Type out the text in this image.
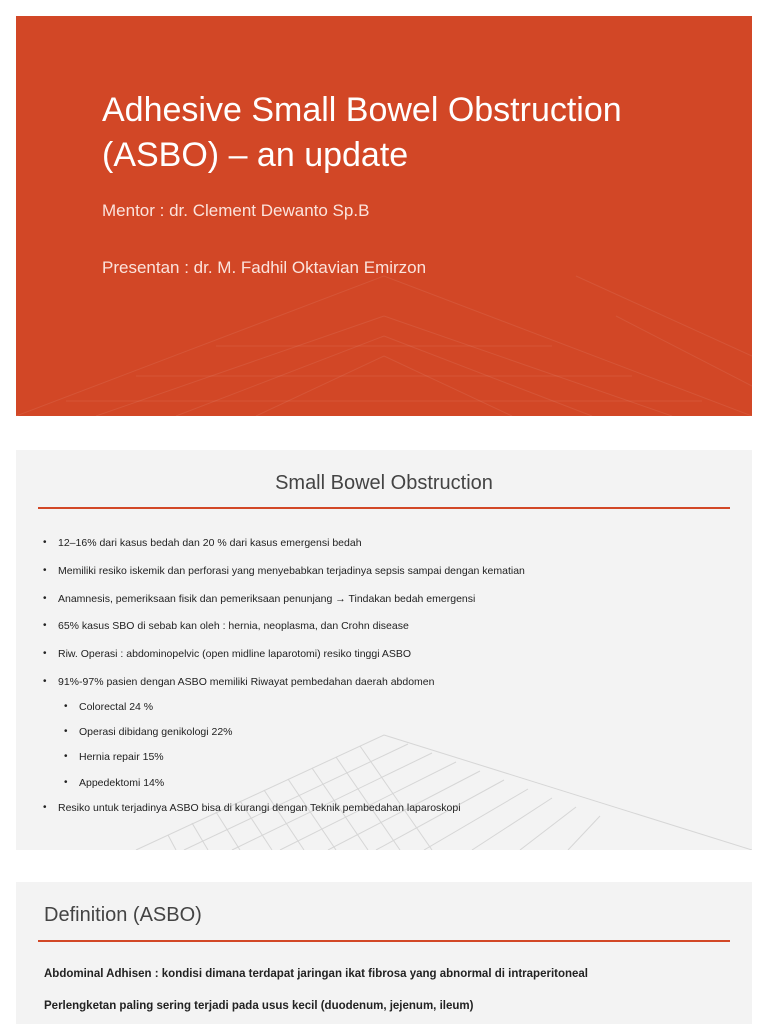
Adhesive Small Bowel Obstruction
(ASBO) – an update
Mentor : dr. Clement Dewanto Sp.B
Presentan : dr. M. Fadhil Oktavian Emirzon
Small Bowel Obstruction
• 12–16% dari kasus bedah dan 20 % dari kasus emergensi bedah
• Memiliki resiko iskemik dan perforasi yang menyebabkan terjadinya sepsis sampai dengan kematian
• Anamnesis, pemeriksaan fisik dan pemeriksaan penunjang → Tindakan bedah emergensi
• 65% kasus SBO di sebab kan oleh : hernia, neoplasma, dan Crohn disease
• Riw. Operasi : abdominopelvic (open midline laparotomi) resiko tinggi ASBO
• 91%-97% pasien dengan ASBO memiliki Riwayat pembedahan daerah abdomen
• Colorectal 24 %
• Operasi dibidang genikologi 22%
• Hernia repair 15%
• Appedektomi 14%
• Resiko untuk terjadinya ASBO bisa di kurangi dengan Teknik pembedahan laparoskopi
Definition (ASBO)
Abdominal Adhisen : kondisi dimana terdapat jaringan ikat fibrosa yang abnormal di intraperitoneal
Perlengketan paling sering terjadi pada usus kecil (duodenum, jejenum, ileum)
